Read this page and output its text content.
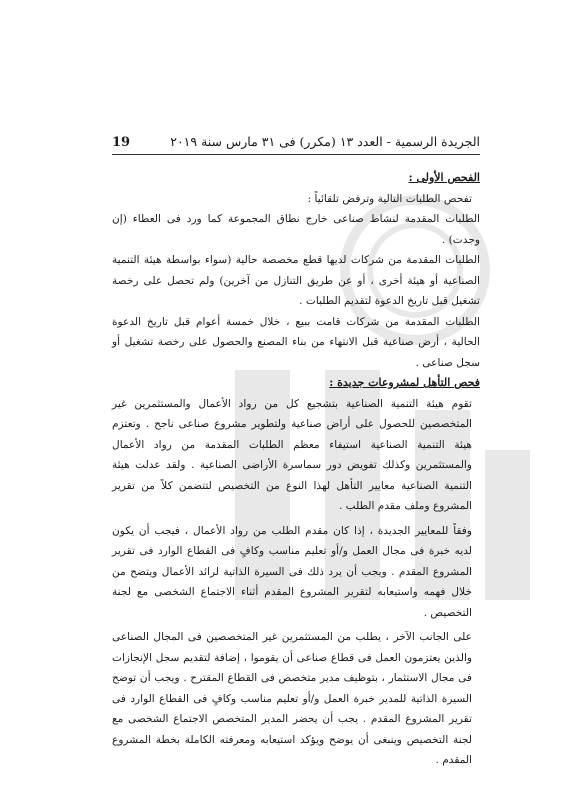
الجريدة الرسمية - العدد ١٣ (مكرر) فى ٣١ مارس سنة ٢٠١٩
19

الفحص الأولى :

تفحص الطلبات التالية وترفض تلقائياً :

الطلبات المقدمة لنشاط صناعى خارج نطاق المجموعة كما ورد فى العطاء (إن وجدت) .

الطلبات المقدمة من شركات لديها قطع مخصصة حالية (سواء بواسطة هيئة التنمية الصناعية أو هيئة أخرى ، أو عن طريق التنازل من آخرين) ولم تحصل على رخصة تشغيل قبل تاريخ الدعوة لتقديم الطلبات .

الطلبات المقدمة من شركات قامت ببيع ، خلال خمسة أعوام قبل تاريخ الدعوة الحالية ، أرض صناعية قبل الانتهاء من بناء المصنع والحصول على رخصة تشغيل أو سجل صناعى .

فحص التأهل لمشروعات جديدة :

تقوم هيئة التنمية الصناعية بتشجيع كل من رواد الأعمال والمستثمرين غير المتخصصين للحصول على أراض صناعية ولتطوير مشروع صناعى ناجح . وتعتزم هيئة التنمية الصناعية استيفاء معظم الطلبات المقدمة من رواد الأعمال والمستثمرين وكذلك تفويض دور سماسرة الأراضى الصناعية . ولقد عدلت هيئة التنمية الصناعية معايير التأهل لهذا النوع من التخصيص لتتضمن كلاً من تقرير المشروع وملف مقدم الطلب .

وفقاً للمعايير الجديدة ، إذا كان مقدم الطلب من رواد الأعمال ، فيجب أن يكون لديه خبرة فى مجال العمل و/أو تعليم مناسب وكافٍ فى القطاع الوارد فى تقرير المشروع المقدم . ويجب أن يرد ذلك فى السيرة الذاتية لرائد الأعمال ويتضح من خلال فهمه واستيعابه لتقرير المشروع المقدم أثناء الاجتماع الشخصى مع لجنة التخصيص .

على الجانب الآخر ، يطلب من المستثمرين غير المتخصصين فى المجال الصناعى والذين يعتزمون العمل فى قطاع صناعى أن يقوموا ، إضافة لتقديم سجل الإنجازات فى مجال الاستثمار ، بتوظيف مدير متخصص فى القطاع المقترح . ويجب أن توضح السيرة الذاتية للمدير خبرة العمل و/أو تعليم مناسب وكافٍ فى القطاع الوارد فى تقرير المشروع المقدم . يجب أن يحضر المدير المتخصص الاجتماع الشخصى مع لجنة التخصيص وينبغى أن يوضح ويؤكد استيعابه ومعرفته الكاملة بخطة المشروع المقدم .
